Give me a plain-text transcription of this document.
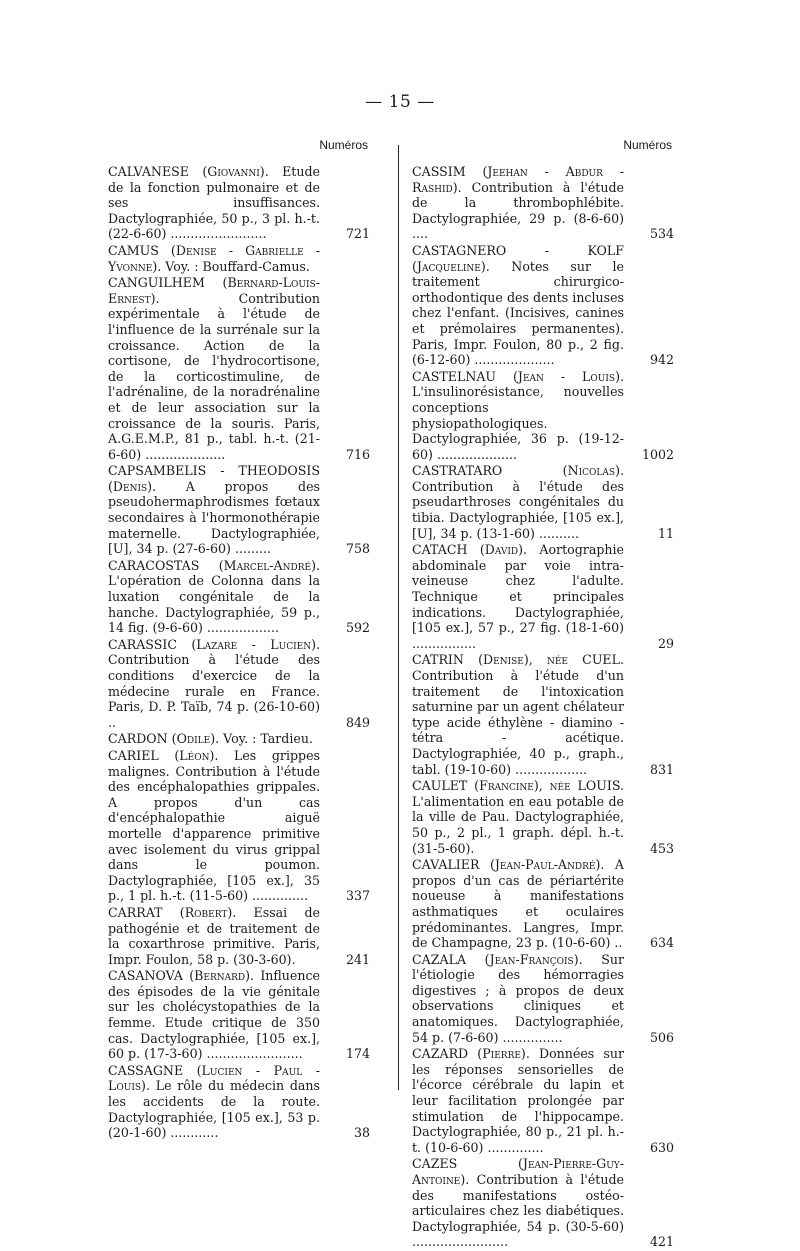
— 15 —
Numéros
CALVANESE (Giovanni). Etude de la fonction pulmonaire et de ses insuffisances. Dactylographiée, 50 p., 3 pl. h.-t. (22-6-60) ........................	721
CAMUS (Denise - Gabrielle - Yvonne). Voy. : Bouffard-Camus.
CANGUILHEM (Bernard-Louis-Ernest). Contribution expérimentale à l'étude de l'influence de la surrénale sur la croissance. Action de la cortisone, de l'hydrocortisone, de la corticostimuline, de l'adrénaline, de la noradrénaline et de leur association sur la croissance de la souris. Paris, A.G.E.M.P., 81 p., tabl. h.-t. (21-6-60) ....................	716
CAPSAMBELIS - THEODOSIS (Denis). A propos des pseudohermaphrodismes fœtaux secondaires à l'hormonothérapie maternelle. Dactylographiée, [U], 34 p. (27-6-60) .........	758
CARACOSTAS (Marcel-André). L'opération de Colonna dans la luxation congénitale de la hanche. Dactylographiée, 59 p., 14 fig. (9-6-60) ..................	592
CARASSIC (Lazare - Lucien). Contribution à l'étude des conditions d'exercice de la médecine rurale en France. Paris, D. P. Taïb, 74 p. (26-10-60) ..	849
CARDON (Odile). Voy. : Tardieu.
CARIEL (Léon). Les grippes malignes. Contribution à l'étude des encéphalopathies grippales. A propos d'un cas d'encéphalopathie aiguë mortelle d'apparence primitive avec isolement du virus grippal dans le poumon. Dactylographiée, [105 ex.], 35 p., 1 pl. h.-t. (11-5-60) ..............	337
CARRAT (Robert). Essai de pathogénie et de traitement de la coxarthrose primitive. Paris, Impr. Foulon, 58 p. (30-3-60).	241
CASANOVA (Bernard). Influence des épisodes de la vie génitale sur les cholécystopathies de la femme. Etude critique de 350 cas. Dactylographiée, [105 ex.], 60 p. (17-3-60) ........................	174
CASSAGNE (Lucien - Paul - Louis). Le rôle du médecin dans les accidents de la route. Dactylographiée, [105 ex.], 53 p. (20-1-60) ............	38
Numéros
CASSIM (Jeehan - Abdur - Rashid). Contribution à l'étude de la thrombophlébite. Dactylographiée, 29 p. (8-6-60) ....	534
CASTAGNERO - KOLF (Jacqueline). Notes sur le traitement chirurgico-orthodontique des dents incluses chez l'enfant. (Incisives, canines et prémolaires permanentes). Paris, Impr. Foulon, 80 p., 2 fig. (6-12-60) ....................	942
CASTELNAU (Jean - Louis). L'insulinorésistance, nouvelles conceptions physiopathologiques. Dactylographiée, 36 p. (19-12-60) ....................	1002
CASTRATARO (Nicolas). Contribution à l'étude des pseudarthroses congénitales du tibia. Dactylographiée, [105 ex.], [U], 34 p. (13-1-60) ..........	11
CATACH (David). Aortographie abdominale par voie intra-veineuse chez l'adulte. Technique et principales indications. Dactylographiée, [105 ex.], 57 p., 27 fig. (18-1-60) ................	29
CATRIN (Denise), née CUEL. Contribution à l'étude d'un traitement de l'intoxication saturnine par un agent chélateur type acide éthylène - diamino - tétra - acétique. Dactylographiée, 40 p., graph., tabl. (19-10-60) ..................	831
CAULET (Francine), née LOUIS. L'alimentation en eau potable de la ville de Pau. Dactylographiée, 50 p., 2 pl., 1 graph. dépl. h.-t. (31-5-60).	453
CAVALIER (Jean-Paul-André). A propos d'un cas de périartérite noueuse à manifestations asthmatiques et oculaires prédominantes. Langres, Impr. de Champagne, 23 p. (10-6-60) ..	634
CAZALA (Jean-François). Sur l'étiologie des hémorragies digestives ; à propos de deux observations cliniques et anatomiques. Dactylographiée, 54 p. (7-6-60) ...............	506
CAZARD (Pierre). Données sur les réponses sensorielles de l'écorce cérébrale du lapin et leur facilitation prolongée par stimulation de l'hippocampe. Dactylographiée, 80 p., 21 pl. h.-t. (10-6-60) ..............	630
CAZES (Jean-Pierre-Guy-Antoine). Contribution à l'étude des manifestations ostéo-articulaires chez les diabétiques. Dactylographiée, 54 p. (30-5-60) ........................	421
